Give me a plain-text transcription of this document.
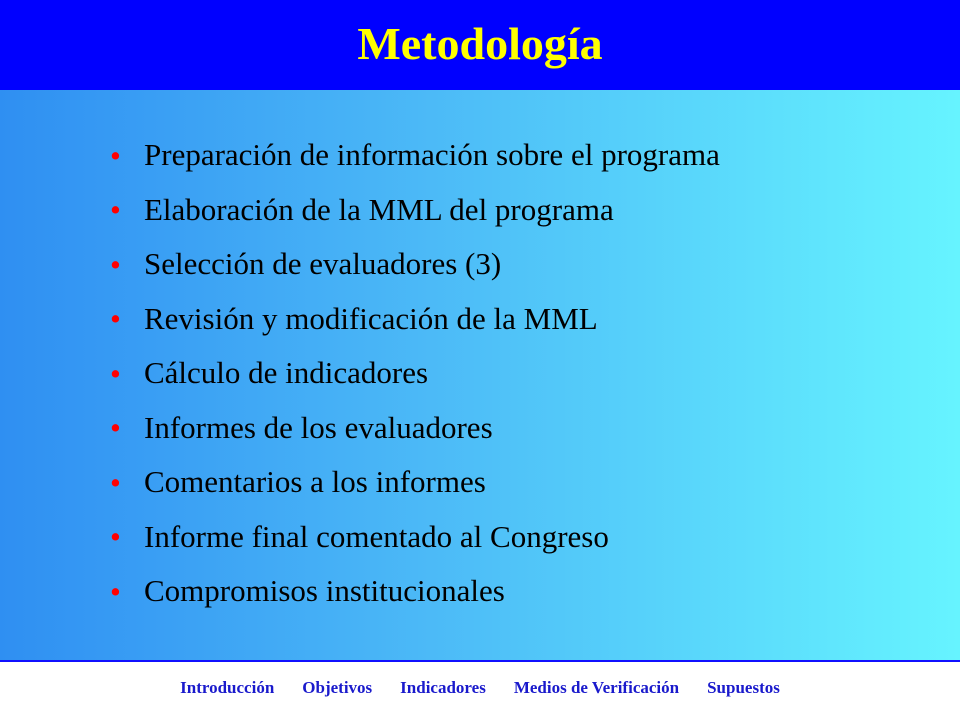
Metodología
• Preparación de información sobre el programa
• Elaboración de la MML del programa
• Selección de evaluadores (3)
• Revisión y modificación de la MML
• Cálculo de indicadores
• Informes de los evaluadores
• Comentarios a los informes
• Informe final comentado al Congreso
• Compromisos institucionales
Introducción Objetivos Indicadores Medios de Verificación Supuestos
